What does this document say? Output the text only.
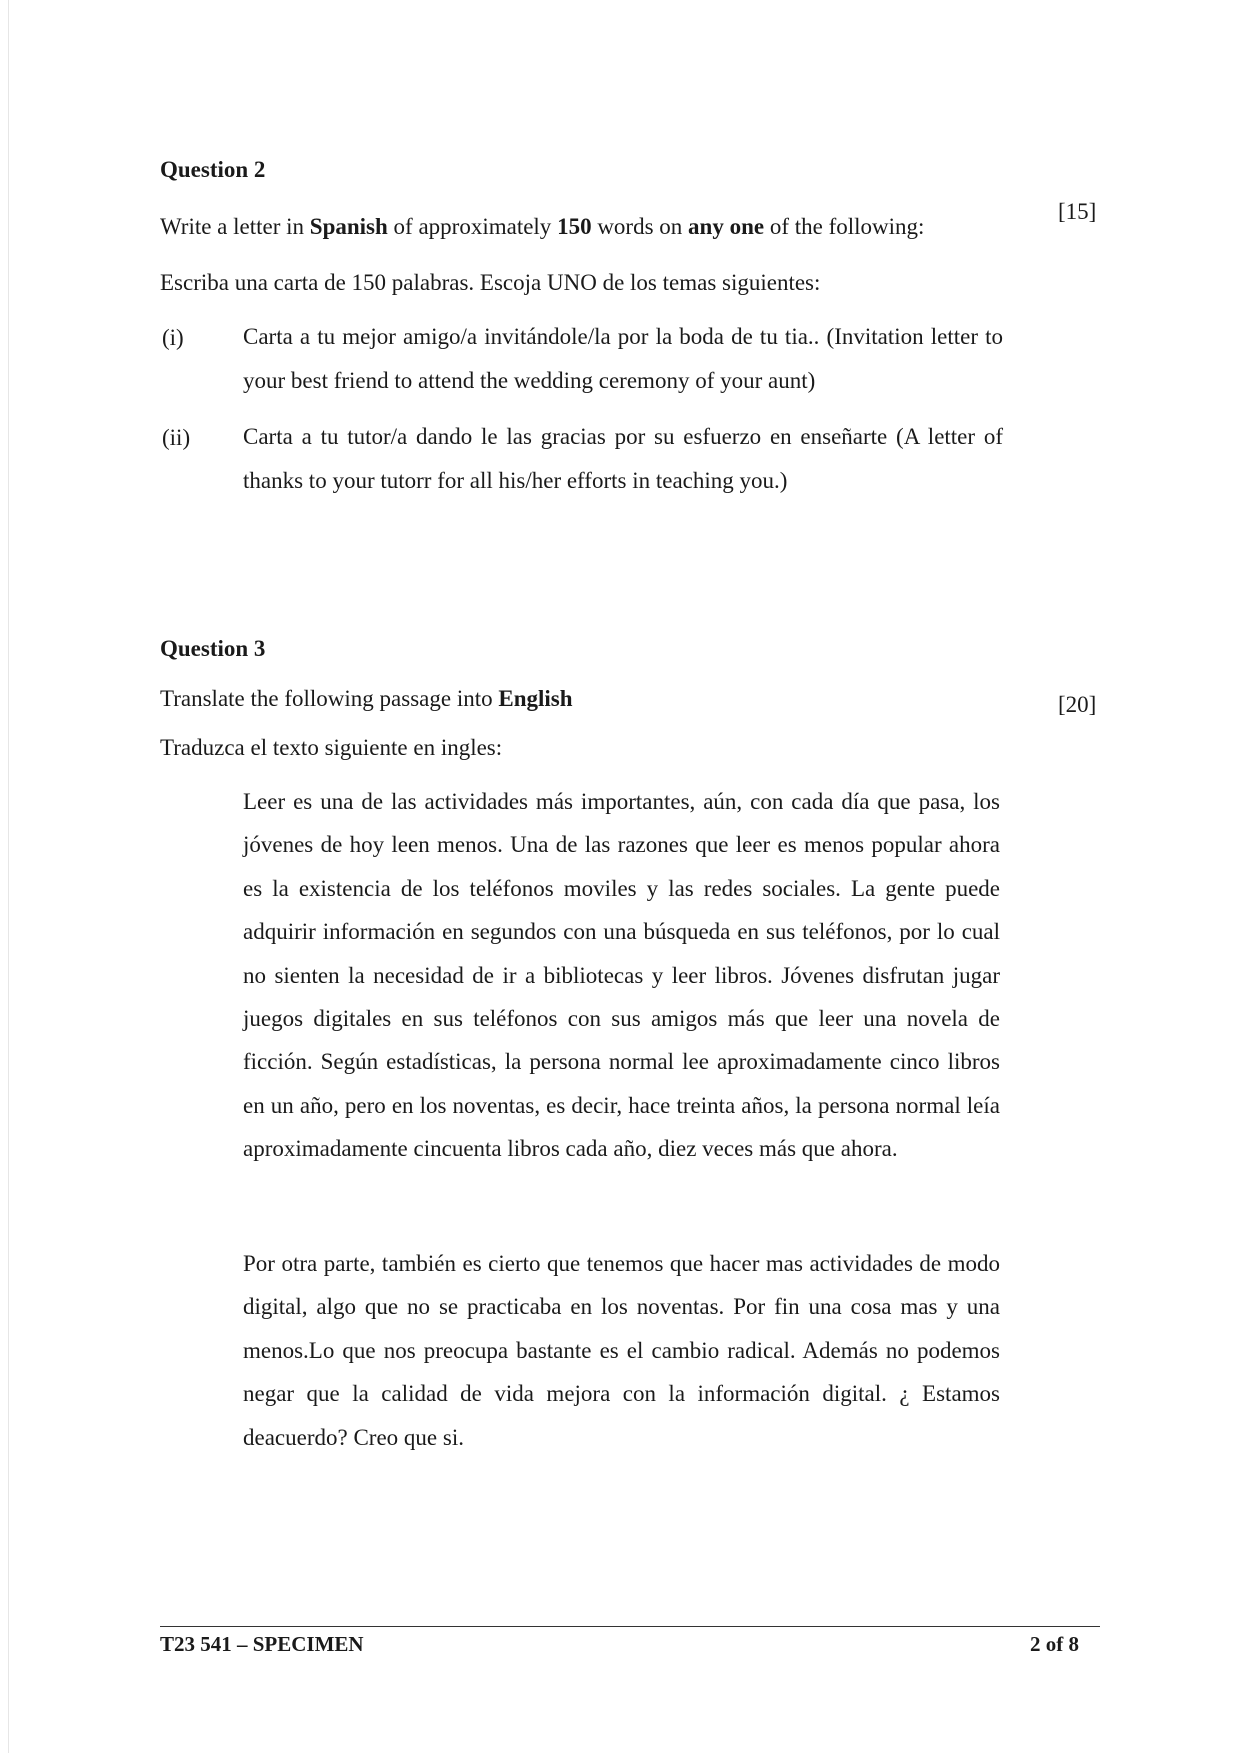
Question 2
Write a letter in Spanish of approximately 150 words on any one of the following:
[15]
Escriba una carta de 150 palabras. Escoja UNO de los temas siguientes:
(i)	Carta a tu mejor amigo/a invitándole/la por la boda de tu tia.. (Invitation letter to your best friend to attend the wedding ceremony of your aunt)
(ii) Carta a tu tutor/a dando le las gracias por su esfuerzo en enseñarte (A letter of thanks to your tutorr for all his/her efforts in teaching you.)
Question 3
Translate the following passage into English	[20]
Traduzca el texto siguiente en ingles:

Leer es una de las actividades más importantes, aún, con cada día que pasa, los jóvenes de hoy leen menos. Una de las razones que leer es menos popular ahora es la existencia de los teléfonos moviles y las redes sociales. La gente puede adquirir información en segundos con una búsqueda en sus teléfonos, por lo cual no sienten la necesidad de ir a bibliotecas y leer libros. Jóvenes disfrutan jugar juegos digitales en sus teléfonos con sus amigos más que leer una novela de ficción. Según estadísticas, la persona normal lee aproximadamente cinco libros en un año, pero en los noventas, es decir, hace treinta años, la persona normal leía aproximadamente cincuenta libros cada año, diez veces más que ahora.

Por otra parte, también es cierto que tenemos que hacer mas actividades de modo digital, algo que no se practicaba en los noventas. Por fin una cosa mas y una menos.Lo que nos preocupa bastante es el cambio radical. Además no podemos negar que la calidad de vida mejora con la información digital. ¿ Estamos deacuerdo? Creo que si.

T23 541 – SPECIMEN	2 of 8
